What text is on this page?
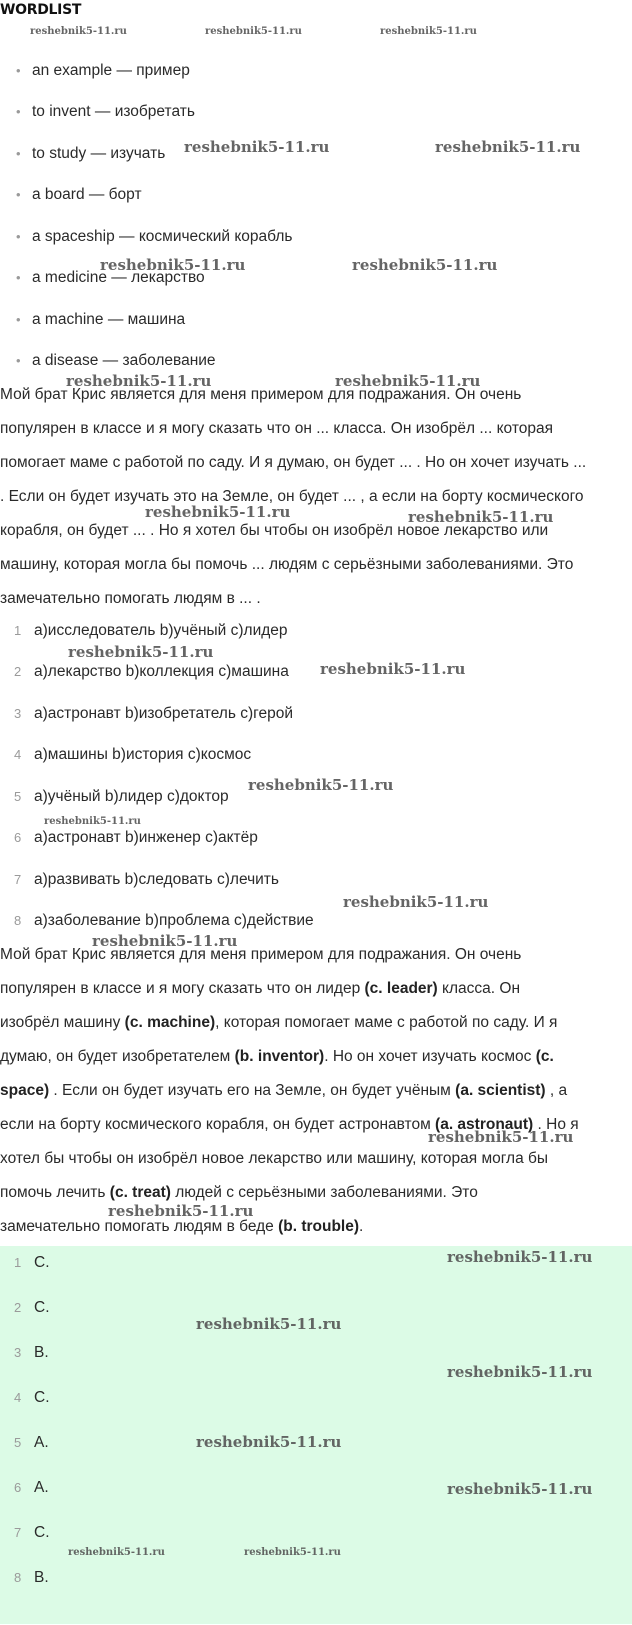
WORDLIST
• an example — пример
• to invent — изобретать
• to study — изучать
• a board — борт
• a spaceship — космический корабль
• a medicine — лекарство
• a machine — машина
• a disease — заболевание
Мой брат Крис является для меня примером для подражания. Он очень
популярен в классе и я могу сказать что он ... класса. Он изобрёл ... которая
помогает маме с работой по саду. И я думаю, он будет ... . Но он хочет изучать ...
. Если он будет изучать это на Земле, он будет ... , а если на борту космического
корабля, он будет ... . Но я хотел бы чтобы он изобрёл новое лекарство или
машину, которая могла бы помочь ... людям с серьёзными заболеваниями. Это
замечательно помогать людям в ... .
1 a)исследователь b)учёный c)лидер
2 a)лекарство b)коллекция c)машина
3 a)астронавт b)изобретатель c)герой
4 a)машины b)история c)космос
5 a)учёный b)лидер c)доктор
6 a)астронавт b)инженер c)актёр
7 a)развивать b)следовать c)лечить
8 a)заболевание b)проблема c)действие
Мой брат Крис является для меня примером для подражания. Он очень
популярен в классе и я могу сказать что он лидер (c. leader) класса. Он
изобрёл машину (c. machine), которая помогает маме с работой по саду. И я
думаю, он будет изобретателем (b. inventor). Но он хочет изучать космос (c.
space) . Если он будет изучать его на Земле, он будет учёным (a. scientist) , а
если на борту космического корабля, он будет астронавтом (a. astronaut) . Но я
хотел бы чтобы он изобрёл новое лекарство или машину, которая могла бы
помочь лечить (c. treat) людей с серьёзными заболеваниями. Это
замечательно помогать людям в беде (b. trouble).
1 C.
2 C.
3 B.
4 C.
5 A.
6 A.
7 C.
8 B.
reshebnik5-11.ru	reshebnik5-11.ru	reshebnik5-11.ru
reshebnik5-11.ru	reshebnik5-11.ru
reshebnik5-11.ru	reshebnik5-11.ru
reshebnik5-11.ru	reshebnik5-11.ru
reshebnik5-11.ru	reshebnik5-11.ru
reshebnik5-11.ru
reshebnik5-11.ru
reshebnik5-11.ru
reshebnik5-11.ru
reshebnik5-11.ru
reshebnik5-11.ru
reshebnik5-11.ru
reshebnik5-11.ru
reshebnik5-11.ru
reshebnik5-11.ru
reshebnik5-11.ru
reshebnik5-11.ru
reshebnik5-11.ru
reshebnik5-11.ru	reshebnik5-11.ru
